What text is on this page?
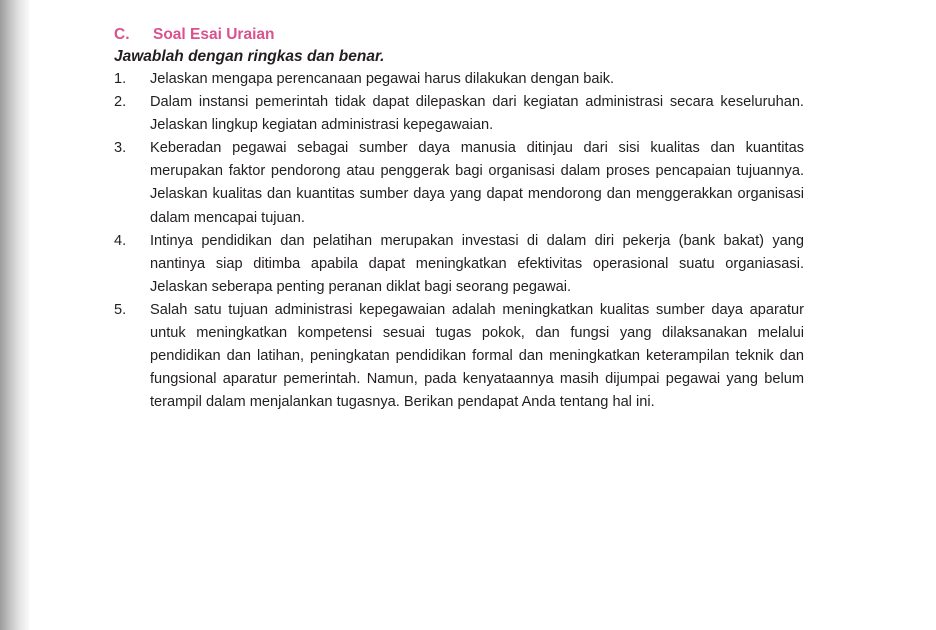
C.	Soal Esai Uraian
Jawablah dengan ringkas dan benar.
1.	Jelaskan mengapa perencanaan pegawai harus dilakukan dengan baik.
2.	Dalam instansi pemerintah tidak dapat dilepaskan dari kegiatan administrasi secara keseluruhan. Jelaskan lingkup kegiatan administrasi kepegawaian.
3.	Keberadan pegawai sebagai sumber daya manusia ditinjau dari sisi kualitas dan kuantitas merupakan faktor pendorong atau penggerak bagi organisasi dalam proses pencapaian tujuannya. Jelaskan kualitas dan kuantitas sumber daya yang dapat mendorong dan menggerakkan organisasi dalam mencapai tujuan.
4.	Intinya pendidikan dan pelatihan merupakan investasi di dalam diri pekerja (bank bakat) yang nantinya siap ditimba apabila dapat meningkatkan efektivitas operasional suatu organiasasi. Jelaskan seberapa penting peranan diklat bagi seorang pegawai.
5.	Salah satu tujuan administrasi kepegawaian adalah meningkatkan kualitas sumber daya aparatur untuk meningkatkan kompetensi sesuai tugas pokok, dan fungsi yang dilaksanakan melalui pendidikan dan latihan, peningkatan pendidikan formal dan meningkatkan keterampilan teknik dan fungsional aparatur pemerintah. Namun, pada kenyataannya masih dijumpai pegawai yang belum terampil dalam menjalankan tugasnya. Berikan pendapat Anda tentang hal ini.
